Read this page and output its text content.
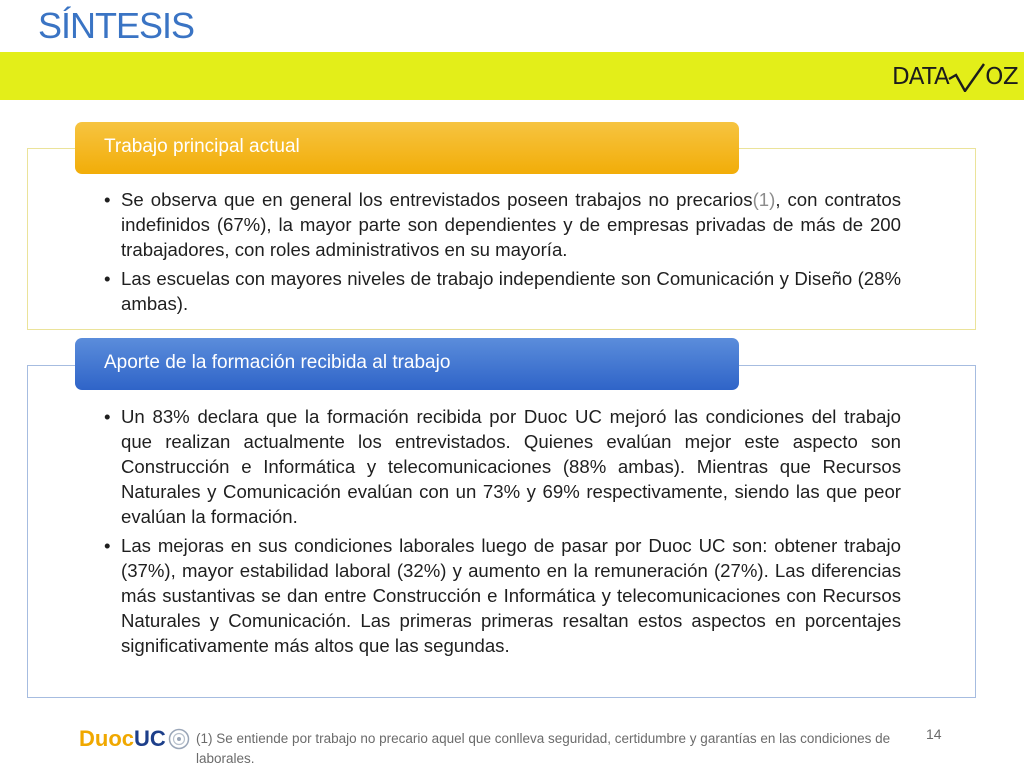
SÍNTESIS
DATA OZ
Trabajo principal actual
• Se observa que en general los entrevistados poseen trabajos no precarios(1), con contratos indefinidos (67%), la mayor parte son dependientes y de empresas privadas de más de 200 trabajadores, con roles administrativos en su mayoría.
• Las escuelas con mayores niveles de trabajo independiente son Comunicación y Diseño (28% ambas).
Aporte de la formación recibida al trabajo
• Un 83% declara que la formación recibida por Duoc UC mejoró las condiciones del trabajo que realizan actualmente los entrevistados. Quienes evalúan mejor este aspecto son Construcción e Informática y telecomunicaciones (88% ambas). Mientras que Recursos Naturales y Comunicación evalúan con un 73% y 69% respectivamente, siendo las que peor evalúan la formación.
• Las mejoras en sus condiciones laborales luego de pasar por Duoc UC son: obtener trabajo (37%), mayor estabilidad laboral (32%) y aumento en la remuneración (27%). Las diferencias más sustantivas se dan entre Construcción e Informática y telecomunicaciones con Recursos Naturales y Comunicación. Las primeras primeras resaltan estos aspectos en porcentajes significativamente más altos que las segundas.
Duoc UC (1) Se entiende por trabajo no precario aquel que conlleva seguridad, certidumbre y garantías en las condiciones de laborales.
14
